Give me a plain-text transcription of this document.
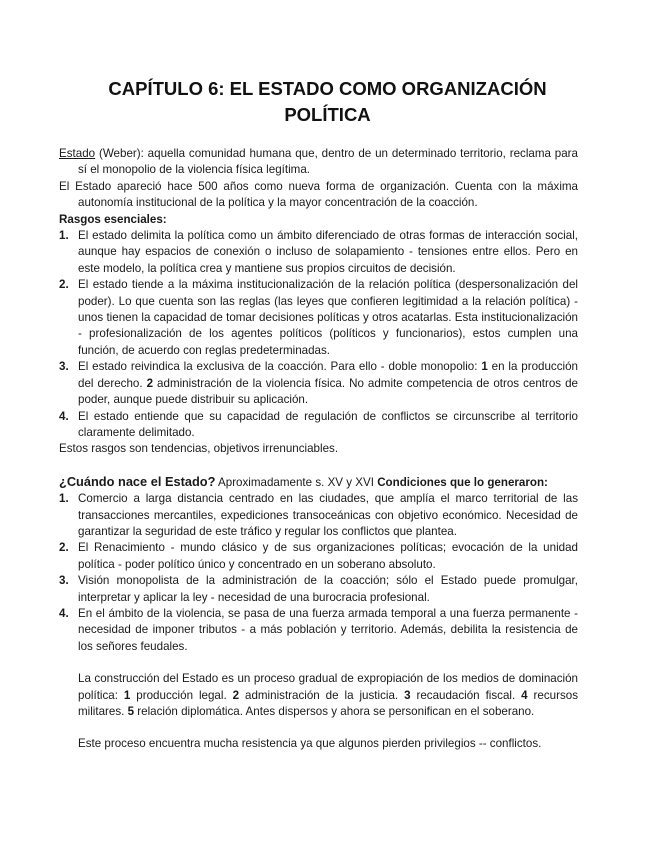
CAPÍTULO 6: EL ESTADO COMO ORGANIZACIÓN
POLÍTICA

Estado (Weber): aquella comunidad humana que, dentro de un determinado territorio, reclama para sí el monopolio de la violencia física legítima.

El Estado apareció hace 500 años como nueva forma de organización. Cuenta con la máxima autonomía institucional de la política y la mayor concentración de la coacción.

Rasgos esenciales:

1. El estado delimita la política como un ámbito diferenciado de otras formas de interacción social, aunque hay espacios de conexión o incluso de solapamiento - tensiones entre ellos. Pero en este modelo, la política crea y mantiene sus propios circuitos de decisión.
2. El estado tiende a la máxima institucionalización de la relación política (despersonalización del poder). Lo que cuenta son las reglas (las leyes que confieren legitimidad a la relación política) - unos tienen la capacidad de tomar decisiones políticas y otros acatarlas. Esta institucionalización - profesionalización de los agentes políticos (políticos y funcionarios), estos cumplen una función, de acuerdo con reglas predeterminadas.
3. El estado reivindica la exclusiva de la coacción. Para ello - doble monopolio: 1 en la producción del derecho. 2 administración de la violencia física. No admite competencia de otros centros de poder, aunque puede distribuir su aplicación.
4. El estado entiende que su capacidad de regulación de conflictos se circunscribe al territorio claramente delimitado.

Estos rasgos son tendencias, objetivos irrenunciables.

¿Cuándo nace el Estado? Aproximadamente s. XV y XVI Condiciones que lo generaron:

1. Comercio a larga distancia centrado en las ciudades, que amplía el marco territorial de las transacciones mercantiles, expediciones transoceánicas con objetivo económico. Necesidad de garantizar la seguridad de este tráfico y regular los conflictos que plantea.
2. El Renacimiento - mundo clásico y de sus organizaciones políticas; evocación de la unidad política - poder político único y concentrado en un soberano absoluto.
3. Visión monopolista de la administración de la coacción; sólo el Estado puede promulgar, interpretar y aplicar la ley - necesidad de una burocracia profesional.
4. En el ámbito de la violencia, se pasa de una fuerza armada temporal a una fuerza permanente - necesidad de imponer tributos - a más población y territorio. Además, debilita la resistencia de los señores feudales.

La construcción del Estado es un proceso gradual de expropiación de los medios de dominación política: 1 producción legal. 2 administración de la justicia. 3 recaudación fiscal. 4 recursos militares. 5 relación diplomática. Antes dispersos y ahora se personifican en el soberano.

Este proceso encuentra mucha resistencia ya que algunos pierden privilegios -- conflictos.
